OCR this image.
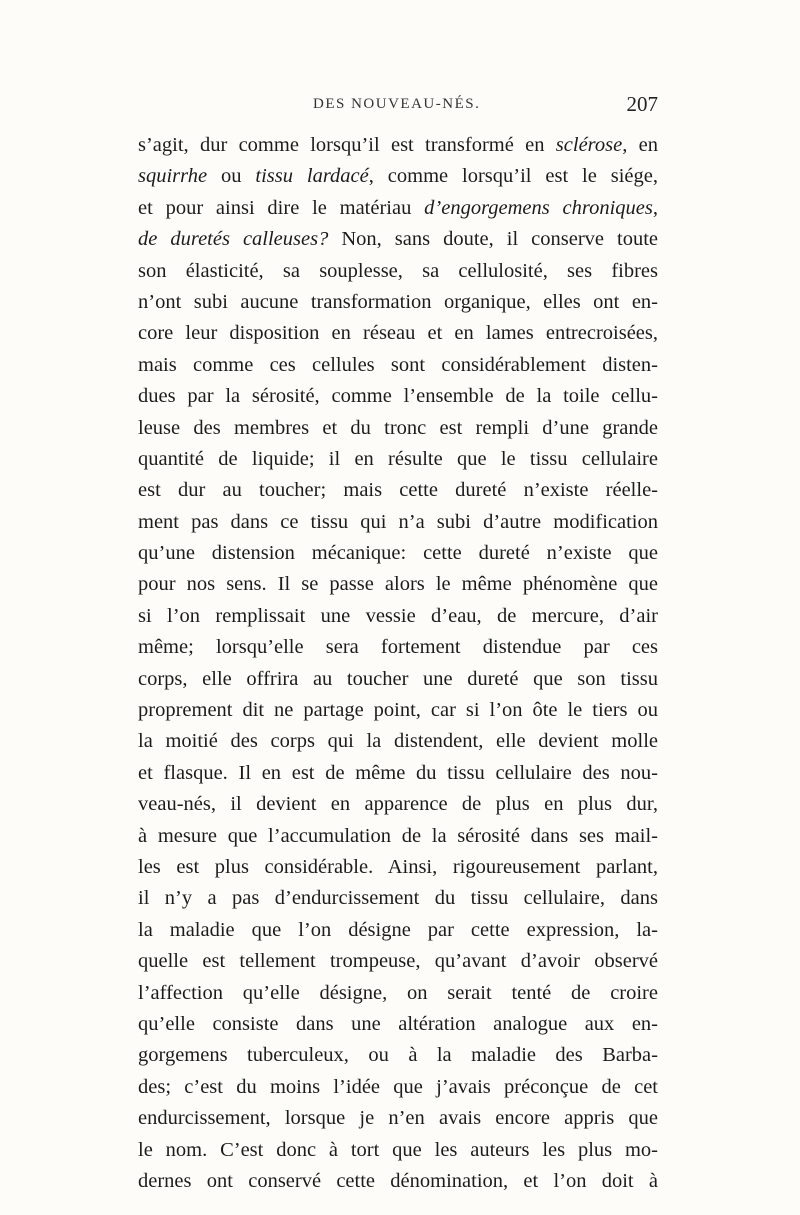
DES NOUVEAU-NÉS.	207
s’agit, dur comme lorsqu’il est transformé en sclérose, en
squirrhe ou tissu lardacé, comme lorsqu’il est le siége,
et pour ainsi dire le matériau d’engorgemens chroniques,
de duretés calleuses? Non, sans doute, il conserve toute
son élasticité, sa souplesse, sa cellulosité, ses fibres
n’ont subi aucune transformation organique, elles ont en-
core leur disposition en réseau et en lames entrecroisées,
mais comme ces cellules sont considérablement disten-
dues par la sérosité, comme l’ensemble de la toile cellu-
leuse des membres et du tronc est rempli d’une grande
quantité de liquide; il en résulte que le tissu cellulaire
est dur au toucher; mais cette dureté n’existe réelle-
ment pas dans ce tissu qui n’a subi d’autre modification
qu’une distension mécanique: cette dureté n’existe que
pour nos sens. Il se passe alors le même phénomène que
si l’on remplissait une vessie d’eau, de mercure, d’air
même; lorsqu’elle sera fortement distendue par ces
corps, elle offrira au toucher une dureté que son tissu
proprement dit ne partage point, car si l’on ôte le tiers ou
la moitié des corps qui la distendent, elle devient molle
et flasque. Il en est de même du tissu cellulaire des nou-
veau-nés, il devient en apparence de plus en plus dur,
à mesure que l’accumulation de la sérosité dans ses mail-
les est plus considérable. Ainsi, rigoureusement parlant,
il n’y a pas d’endurcissement du tissu cellulaire, dans
la maladie que l’on désigne par cette expression, la-
quelle est tellement trompeuse, qu’avant d’avoir observé
l’affection qu’elle désigne, on serait tenté de croire
qu’elle consiste dans une altération analogue aux en-
gorgemens tuberculeux, ou à la maladie des Barba-
des; c’est du moins l’idée que j’avais préconçue de cet
endurcissement, lorsque je n’en avais encore appris que
le nom. C’est donc à tort que les auteurs les plus mo-
dernes ont conservé cette dénomination, et l’on doit à
